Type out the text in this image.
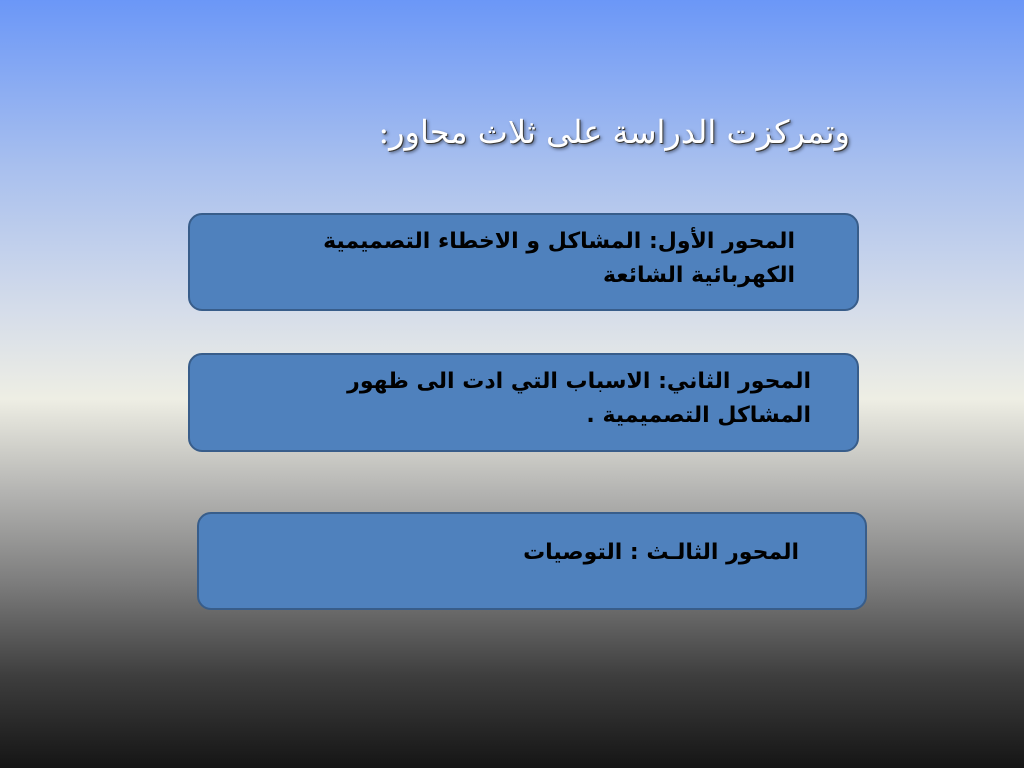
وتمركزت الدراسة على ثلاث محاور:
المحور الأول: المشاكل و الاخطاء التصميمية
الكهربائية الشائعة
المحور الثاني: الاسباب التي ادت الى ظهور
المشاكل التصميمية .
المحور الثالـث : التوصيات
